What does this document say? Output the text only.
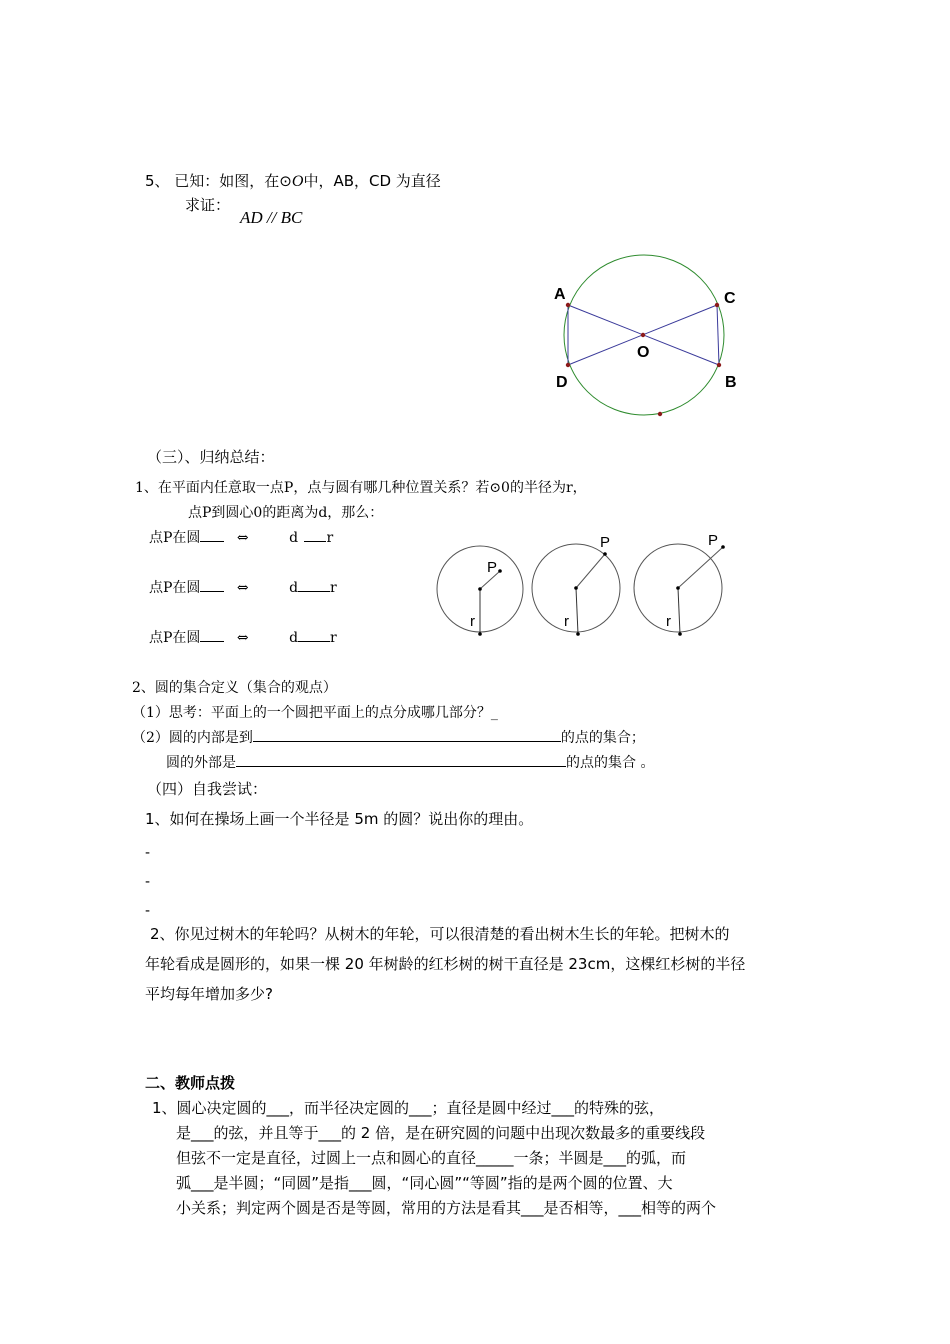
5、 已知：如图，在⊙O中，AB，CD 为直径
求证：
AD // BC
A	C
O
D	B
（三）、归纳总结：
1、在平面内任意取一点P，点与圆有哪几种位置关系？若⊙0的半径为r，
点P到圆心0的距离为d，那么：
点P在圆	⇔	d r
点P在圆	⇔	d r
点P在圆	⇔	d r
P
r
P
r
P
r
2、圆的集合定义（集合的观点）
（1）思考：平面上的一个圆把平面上的点分成哪几部分？_
（2）圆的内部是到	的点的集合；
圆的外部是	的点的集合 。
（四）自我尝试：
1、如何在操场上画一个半径是 5m 的圆？说出你的理由。
-
-
-
2、你见过树木的年轮吗？从树木的年轮，可以很清楚的看出树木生长的年轮。把树木的
年轮看成是圆形的，如果一棵 20 年树龄的红杉树的树干直径是 23cm，这棵红杉树的半径
平均每年增加多少?
二、教师点拨
1、圆心决定圆的___，而半径决定圆的___；直径是圆中经过___的特殊的弦，
是___的弦，并且等于___的 2 倍，是在研究圆的问题中出现次数最多的重要线段
但弦不一定是直径，过圆上一点和圆心的直径_____一条；半圆是___的弧，而
弧___是半圆；“同圆”是指___圆，“同心圆”“等圆”指的是两个圆的位置、大
小关系；判定两个圆是否是等圆，常用的方法是看其___是否相等，___相等的两个
